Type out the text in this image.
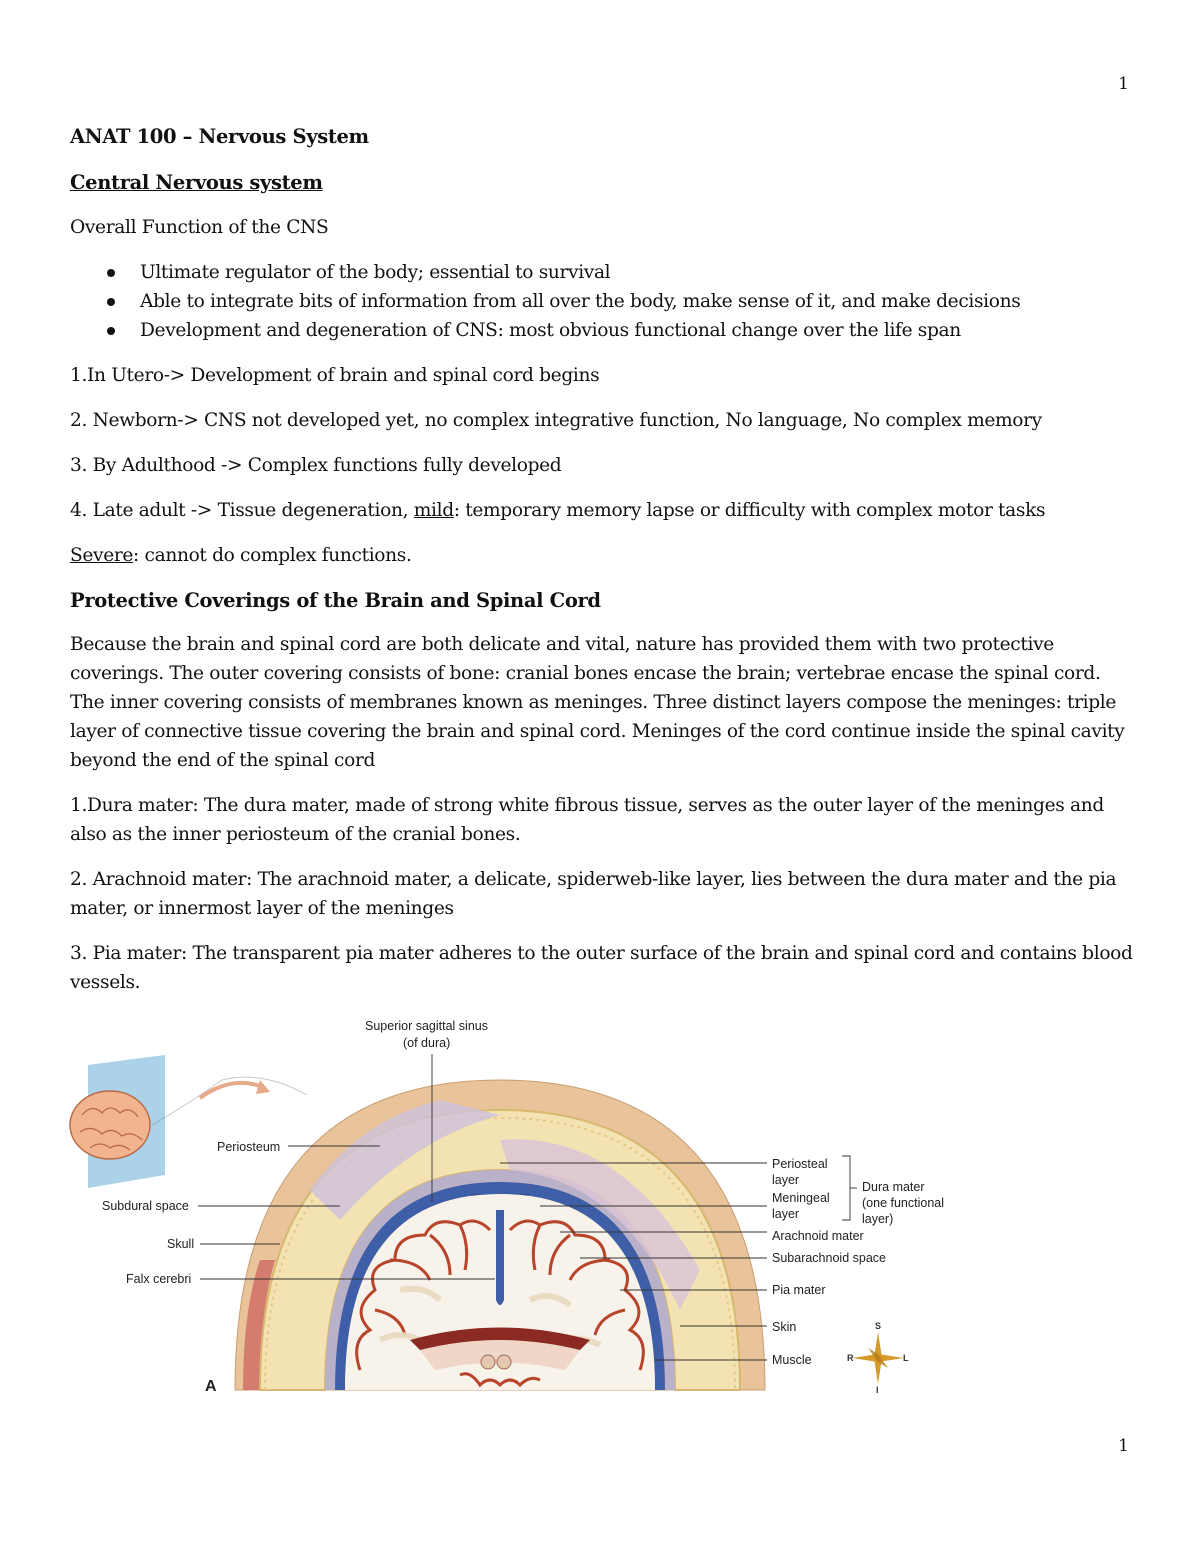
1

ANAT 100 – Nervous System

Central Nervous system

Overall Function of the CNS

Ultimate regulator of the body; essential to survival
Able to integrate bits of information from all over the body, make sense of it, and make decisions
Development and degeneration of CNS: most obvious functional change over the life span

1.In Utero-> Development of brain and spinal cord begins

2. Newborn-> CNS not developed yet, no complex integrative function, No language, No complex memory

3. By Adulthood -> Complex functions fully developed

4. Late adult -> Tissue degeneration, mild: temporary memory lapse or difficulty with complex motor tasks

Severe: cannot do complex functions.

Protective Coverings of the Brain and Spinal Cord

Because the brain and spinal cord are both delicate and vital, nature has provided them with two protective coverings. The outer covering consists of bone: cranial bones encase the brain; vertebrae encase the spinal cord. The inner covering consists of membranes known as meninges. Three distinct layers compose the meninges: triple layer of connective tissue covering the brain and spinal cord. Meninges of the cord continue inside the spinal cavity beyond the end of the spinal cord

1.Dura mater: The dura mater, made of strong white fibrous tissue, serves as the outer layer of the meninges and also as the inner periosteum of the cranial bones.

2. Arachnoid mater: The arachnoid mater, a delicate, spiderweb-like layer, lies between the dura mater and the pia mater, or innermost layer of the meninges

3. Pia mater: The transparent pia mater adheres to the outer surface of the brain and spinal cord and contains blood vessels.

Superior sagittal sinus
(of dura)
Periosteum
Subdural space
Skull
Falx cerebri
Periosteal
layer
Meningeal
layer
Dura mater
(one functional
layer)
Arachnoid mater
Subarachnoid space
Pia mater
Skin
Muscle
A
S
R	L
I
1
